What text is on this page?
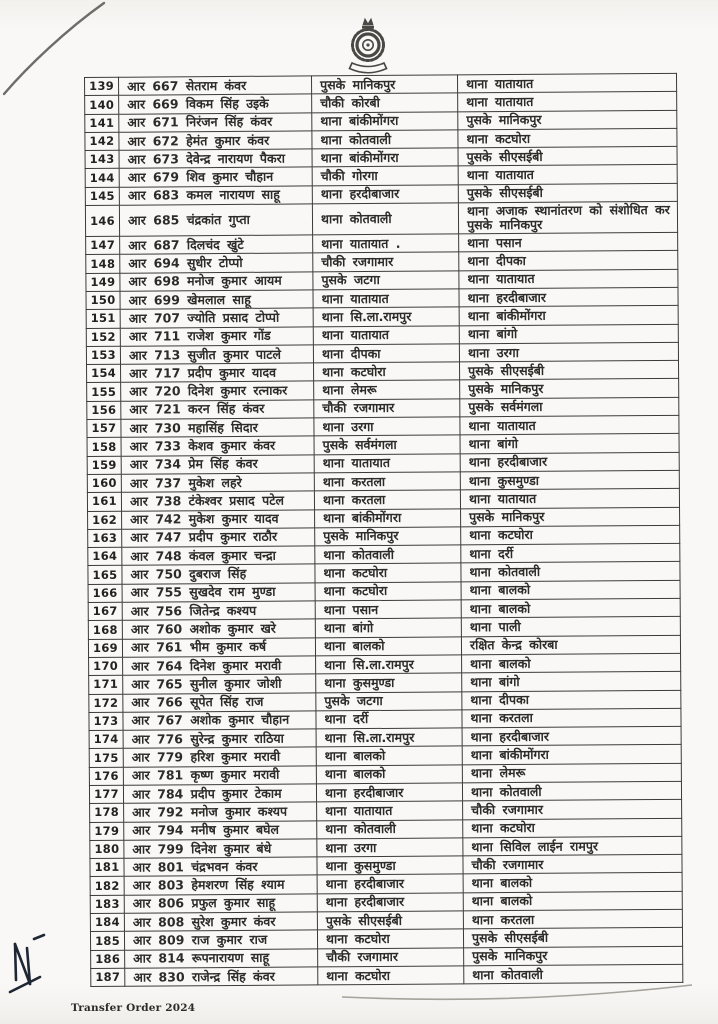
139	आर 667 सेतराम कंवर	पुसके मानिकपुर	थाना यातायात
140	आर 669 विकम सिंह उइके	चौकी कोरबी	थाना यातायात
141	आर 671 निरंजन सिंह कंवर	थाना बांकीमोंगरा	पुसके मानिकपुर
142	आर 672 हेमंत कुमार कंवर	थाना कोतवाली	थाना कटघोरा
143	आर 673 देवेन्द्र नारायण पैकरा	थाना बांकीमोंगरा	पुसके सीएसईबी
144	आर 679 शिव कुमार चौहान	चौकी गोरगा	थाना यातायात
145	आर 683 कमल नारायण साहू	थाना हरदीबाजार	पुसके सीएसईबी
146	आर 685 चंद्रकांत गुप्ता	थाना कोतवाली	थाना अजाक स्थानांतरण को संशोधित कर पुसके मानिकपुर
147	आर 687 दिलचंद खुंटे	थाना यातायात .	थाना पसान
148	आर 694 सुधीर टोप्पो	चौकी रजगामार	थाना दीपका
149	आर 698 मनोज कुमार आयम	पुसके जटगा	थाना यातायात
150	आर 699 खेमलाल साहू	थाना यातायात	थाना हरदीबाजार
151	आर 707 ज्योति प्रसाद टोप्पो	थाना सि.ला.रामपुर	थाना बांकीमोंगरा
152	आर 711 राजेश कुमार गोंड	थाना यातायात	थाना बांगो
153	आर 713 सुजीत कुमार पाटले	थाना दीपका	थाना उरगा
154	आर 717 प्रदीप कुमार यादव	थाना कटघोरा	पुसके सीएसईबी
155	आर 720 दिनेश कुमार रत्नाकर	थाना लेमरू	पुसके मानिकपुर
156	आर 721 करन सिंह कंवर	चौकी रजगामार	पुसके सर्वमंगला
157	आर 730 महासिंह सिदार	थाना उरगा	थाना यातायात
158	आर 733 केशव कुमार कंवर	पुसके सर्वमंगला	थाना बांगो
159	आर 734 प्रेम सिंह कंवर	थाना यातायात	थाना हरदीबाजार
160	आर 737 मुकेश लहरे	थाना करतला	थाना कुसमुण्डा
161	आर 738 टंकेश्वर प्रसाद पटेल	थाना करतला	थाना यातायात
162	आर 742 मुकेश कुमार यादव	थाना बांकीमोंगरा	पुसके मानिकपुर
163	आर 747 प्रदीप कुमार राठौर	पुसके मानिकपुर	थाना कटघोरा
164	आर 748 कंवल कुमार चन्द्रा	थाना कोतवाली	थाना दर्री
165	आर 750 दुबराज सिंह	थाना कटघोरा	थाना कोतवाली
166	आर 755 सुखदेव राम मुण्डा	थाना कटघोरा	थाना बालको
167	आर 756 जितेन्द्र कश्यप	थाना पसान	थाना बालको
168	आर 760 अशोक कुमार खरे	थाना बांगो	थाना पाली
169	आर 761 भीम कुमार कर्ष	थाना बालको	रक्षित केन्द्र कोरबा
170	आर 764 दिनेश कुमार मरावी	थाना सि.ला.रामपुर	थाना बालको
171	आर 765 सुनील कुमार जोशी	थाना कुसमुण्डा	थाना बांगो
172	आर 766 सूपेत सिंह राज	पुसके जटगा	थाना दीपका
173	आर 767 अशोक कुमार चौहान	थाना दर्री	थाना करतला
174	आर 776 सुरेन्द्र कुमार राठिया	थाना सि.ला.रामपुर	थाना हरदीबाजार
175	आर 779 हरिश कुमार मरावी	थाना बालको	थाना बांकीमोंगरा
176	आर 781 कृष्ण कुमार मरावी	थाना बालको	थाना लेमरू
177	आर 784 प्रदीप कुमार टेकाम	थाना हरदीबाजार	थाना कोतवाली
178	आर 792 मनोज कुमार कश्यप	थाना यातायात	चौकी रजगामार
179	आर 794 मनीष कुमार बघेल	थाना कोतवाली	थाना कटघोरा
180	आर 799 दिनेश कुमार बंधे	थाना उरगा	थाना सिविल लाईन रामपुर
181	आर 801 चंद्रभवन कंवर	थाना कुसमुण्डा	चौकी रजगामार
182	आर 803 हेमशरण सिंह श्याम	थाना हरदीबाजार	थाना बालको
183	आर 806 प्रफुल कुमार साहू	थाना हरदीबाजार	थाना बालको
184	आर 808 सुरेश कुमार कंवर	पुसके सीएसईबी	थाना करतला
185	आर 809 राज कुमार राज	थाना कटघोरा	पुसके सीएसईबी
186	आर 814 रूपनारायण साहू	चौकी रजगामार	पुसके मानिकपुर
187	आर 830 राजेन्द्र सिंह कंवर	थाना कटघोरा	थाना कोतवाली
Transfer Order 2024
